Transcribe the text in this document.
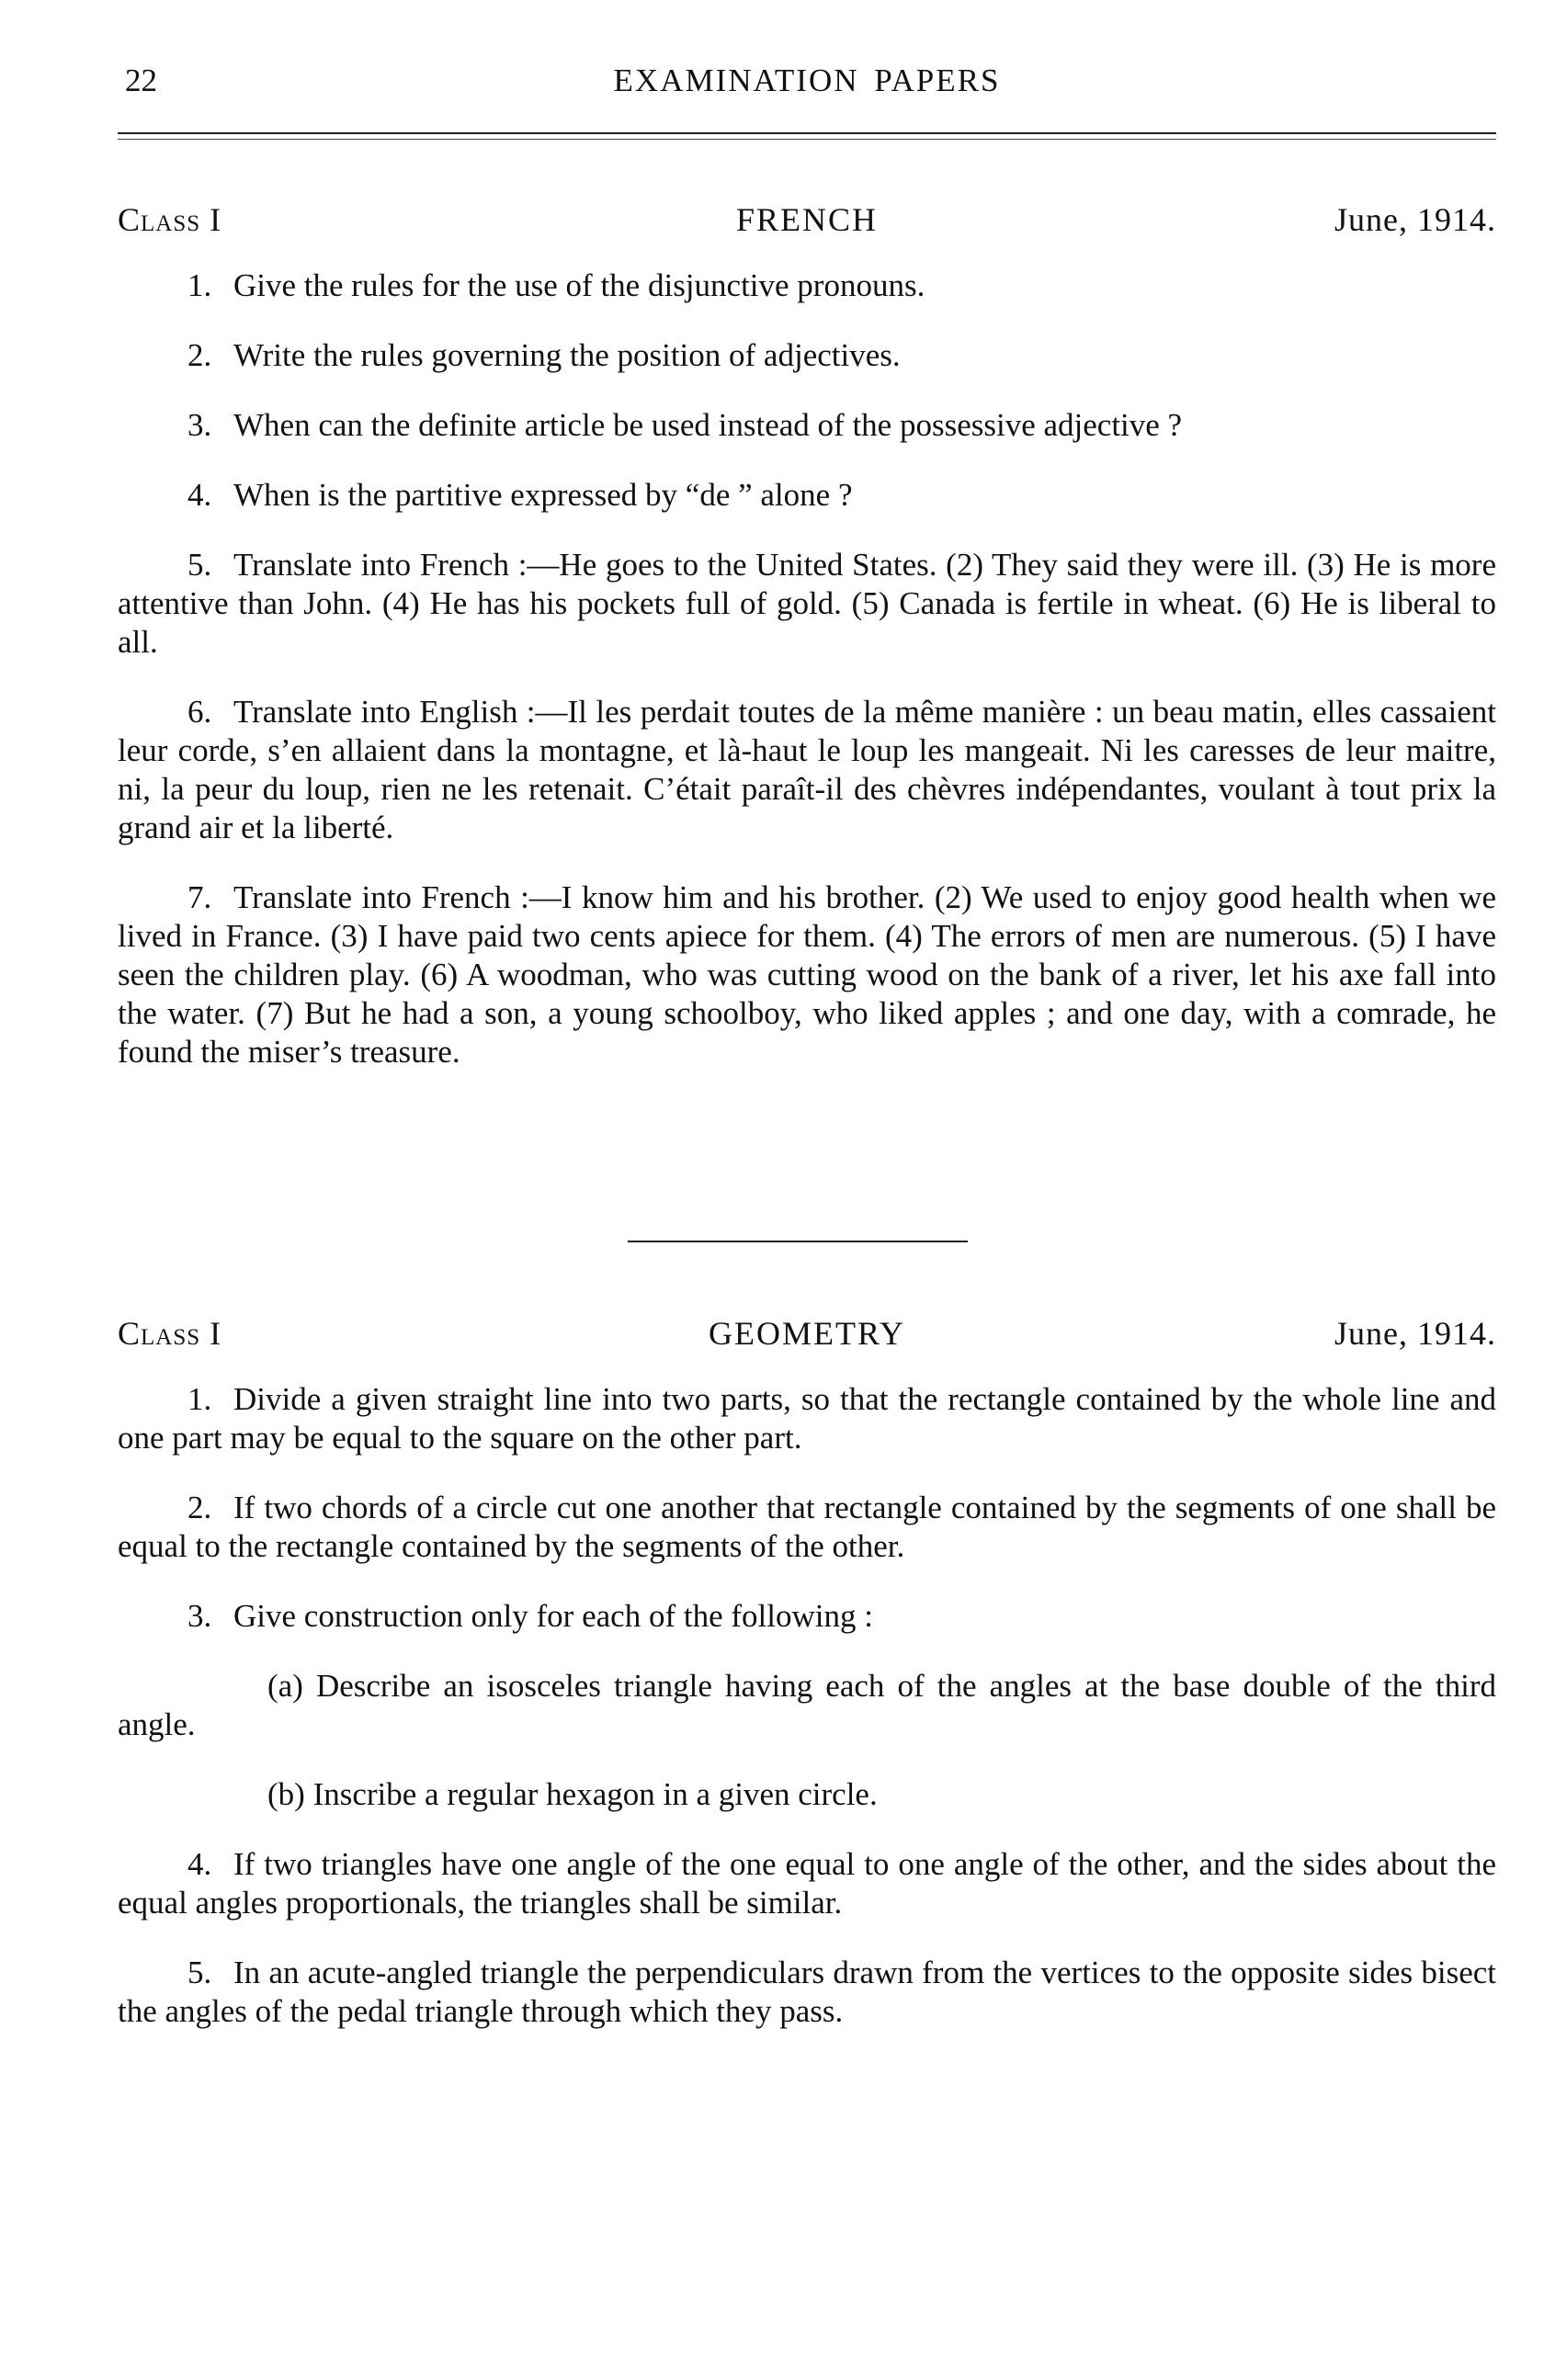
22	EXAMINATION PAPERS
Class I	FRENCH	June, 1914.
1. Give the rules for the use of the disjunctive pronouns.
2. Write the rules governing the position of adjectives.
3. When can the definite article be used instead of the possessive adjective ?
4. When is the partitive expressed by “de ” alone ?
5. Translate into French :—He goes to the United States. (2) They said they were ill. (3) He is more attentive than John. (4) He has his pockets full of gold. (5) Canada is fertile in wheat. (6) He is liberal to all.
6. Translate into English :—Il les perdait toutes de la même manière : un beau matin, elles cassaient leur corde, s’en allaient dans la montagne, et là-haut le loup les mangeait. Ni les caresses de leur maitre, ni, la peur du loup, rien ne les retenait. C’était paraît-il des chèvres indépendantes, voulant à tout prix la grand air et la liberté.
7. Translate into French :—I know him and his brother. (2) We used to enjoy good health when we lived in France. (3) I have paid two cents apiece for them. (4) The errors of men are numerous. (5) I have seen the children play. (6) A woodman, who was cutting wood on the bank of a river, let his axe fall into the water. (7) But he had a son, a young schoolboy, who liked apples ; and one day, with a comrade, he found the miser’s treasure.
Class I	GEOMETRY	June, 1914.
1. Divide a given straight line into two parts, so that the rectangle contained by the whole line and one part may be equal to the square on the other part.
2. If two chords of a circle cut one another that rectangle contained by the segments of one shall be equal to the rectangle contained by the segments of the other.
3. Give construction only for each of the following :
(a) Describe an isosceles triangle having each of the angles at the base double of the third angle.
(b) Inscribe a regular hexagon in a given circle.
4. If two triangles have one angle of the one equal to one angle of the other, and the sides about the equal angles proportionals, the triangles shall be similar.
5. In an acute-angled triangle the perpendiculars drawn from the vertices to the opposite sides bisect the angles of the pedal triangle through which they pass.
